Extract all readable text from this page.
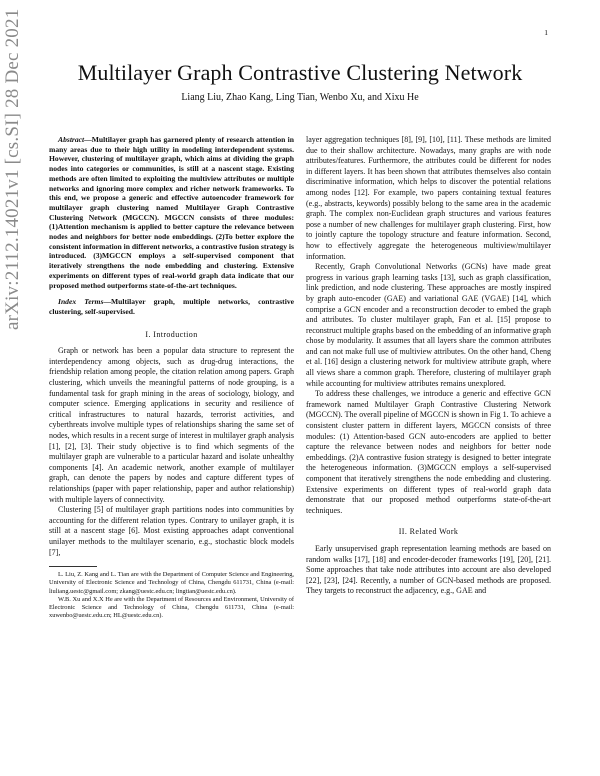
1
arXiv:2112.14021v1 [cs.SI] 28 Dec 2021	Multilayer Graph Contrastive Clustering Network
Liang Liu, Zhao Kang, Ling Tian, Wenbo Xu, and Xixu He

Abstract—Multilayer graph has garnered plenty of research attention in many areas due to their high utility in modeling interdependent systems. However, clustering of multilayer graph, which aims at dividing the graph nodes into categories or communities, is still at a nascent stage. Existing methods are often limited to exploiting the multiview attributes or multiple networks and ignoring more complex and richer network frameworks. To this end, we propose a generic and effective autoencoder framework for multilayer graph clustering named Multilayer Graph Contrastive Clustering Network (MGCCN). MGCCN consists of three modules: (1)Attention mechanism is applied to better capture the relevance between nodes and neighbors for better node embeddings. (2)To better explore the consistent information in different networks, a contrastive fusion strategy is introduced. (3)MGCCN employs a self-supervised component that iteratively strengthens the node embedding and clustering. Extensive experiments on different types of real-world graph data indicate that our proposed method outperforms state-of-the-art techniques.

Index Terms—Multilayer graph, multiple networks, contrastive clustering, self-supervised.

I. Introduction

Graph or network has been a popular data structure to represent the interdependency among objects, such as drug-drug interactions, the friendship relation among people, the citation relation among papers. Graph clustering, which unveils the meaningful patterns of node grouping, is a fundamental task for graph mining in the areas of sociology, biology, and computer science. Emerging applications in security and resilience of critical infrastructures to natural hazards, terrorist activities, and cyberthreats involve multiple types of relationships sharing the same set of nodes, which results in a recent surge of interest in multilayer graph analysis [1], [2], [3]. Their study objective is to find which segments of the multilayer graph are vulnerable to a particular hazard and isolate unhealthy components [4]. An academic network, another example of multilayer graph, can denote the papers by nodes and capture different types of relationships (paper with paper relationship, paper and author relationship) with multiple layers of connectivity.

Clustering [5] of multilayer graph partitions nodes into communities by accounting for the different relation types. Contrary to unilayer graph, it is still at a nascent stage [6]. Most existing approaches adapt conventional unilayer methods to the multilayer scenario, e.g., stochastic block models [7],

L. Liu, Z. Kang and L. Tian are with the Department of Computer Science and Engineering, University of Electronic Science and Technology of China, Chengdu 611731, China (e-mail: liuliang.uestc@gmail.com; zkang@uestc.edu.cn; lingtian@uestc.edu.cn).

W.B. Xu and X.X He are with the Department of Resources and Environment, University of Electronic Science and Technology of China, Chengdu 611731, China (e-mail: xuwenbo@uestc.edu.cn; HL@uestc.edu.cn).

layer aggregation techniques [8], [9], [10], [11]. These methods are limited due to their shallow architecture. Nowadays, many graphs are with node attributes/features. Furthermore, the attributes could be different for nodes in different layers. It has been shown that attributes themselves also contain discriminative information, which helps to discover the potential relations among nodes [12]. For example, two papers containing textual features (e.g., abstracts, keywords) possibly belong to the same area in the academic graph. The complex non-Euclidean graph structures and various features pose a number of new challenges for multilayer graph clustering. First, how to jointly capture the topology structure and feature information. Second, how to effectively aggregate the heterogeneous multiview/multilayer information.

Recently, Graph Convolutional Networks (GCNs) have made great progress in various graph learning tasks [13], such as graph classification, link prediction, and node clustering. These approaches are mostly inspired by graph auto-encoder (GAE) and variational GAE (VGAE) [14], which comprise a GCN encoder and a reconstruction decoder to embed the graph and attributes. To cluster multilayer graph, Fan et al. [15] propose to reconstruct multiple graphs based on the embedding of an informative graph chose by modularity. It assumes that all layers share the common attributes and can not make full use of multiview attributes. On the other hand, Cheng et al. [16] design a clustering network for multiview attribute graph, where all views share a common graph. Therefore, clustering of multilayer graph while accounting for multiview attributes remains unexplored.

To address these challenges, we introduce a generic and effective GCN framework named Multilayer Graph Contrastive Clustering Network (MGCCN). The overall pipeline of MGCCN is shown in Fig 1. To achieve a consistent cluster pattern in different layers, MGCCN consists of three modules: (1) Attention-based GCN auto-encoders are applied to better capture the relevance between nodes and neighbors for better node embeddings. (2)A contrastive fusion strategy is designed to better integrate the heterogeneous information. (3)MGCCN employs a self-supervised component that iteratively strengthens the node embedding and clustering. Extensive experiments on different types of real-world graph data demonstrate that our proposed method outperforms state-of-the-art techniques.

II. Related Work

Early unsupervised graph representation learning methods are based on random walks [17], [18] and encoder-decoder frameworks [19], [20], [21]. Some approaches that take node attributes into account are also developed [22], [23], [24]. Recently, a number of GCN-based methods are proposed. They targets to reconstruct the adjacency, e.g., GAE and
